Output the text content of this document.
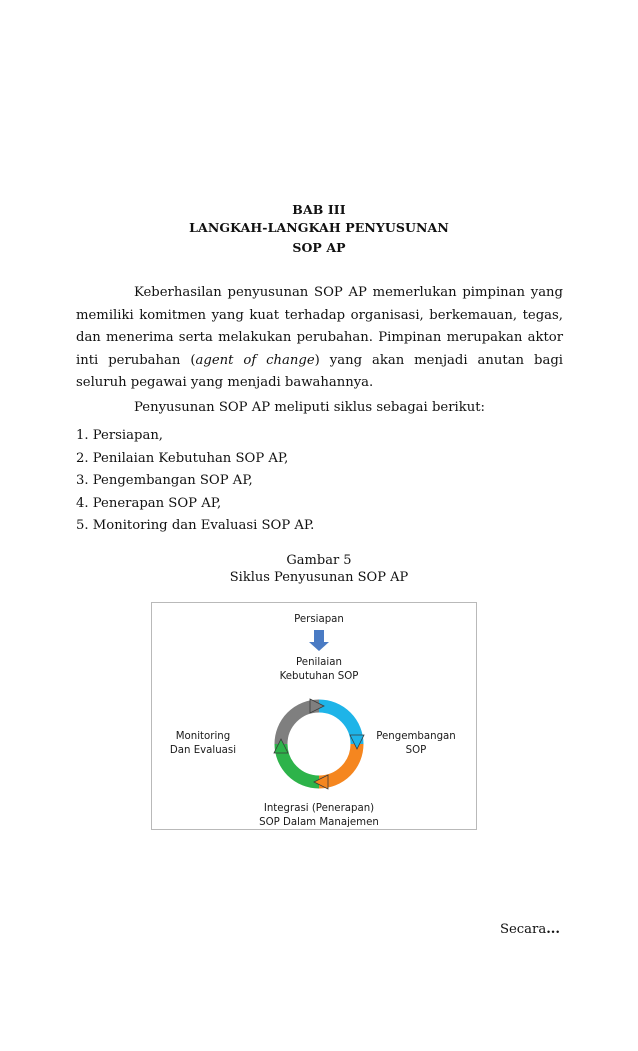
BAB III
LANGKAH-LANGKAH PENYUSUNAN
SOP AP

Keberhasilan penyusunan SOP AP memerlukan pimpinan yang memiliki komitmen yang kuat terhadap organisasi, berkemauan, tegas, dan menerima serta melakukan perubahan. Pimpinan merupakan aktor inti perubahan (agent of change) yang akan menjadi anutan bagi seluruh pegawai yang menjadi bawahannya.

Penyusunan SOP AP meliputi siklus sebagai berikut:

1. Persiapan,
2. Penilaian Kebutuhan SOP AP,
3. Pengembangan SOP AP,
4. Penerapan SOP AP,
5. Monitoring dan Evaluasi SOP AP.
Gambar 5
Siklus Penyusunan SOP AP
Persiapan
Penilaian
Kebutuhan SOP
Pengembangan
SOP
Integrasi (Penerapan)
SOP Dalam Manajemen
Monitoring
Dan Evaluasi
Secara...
